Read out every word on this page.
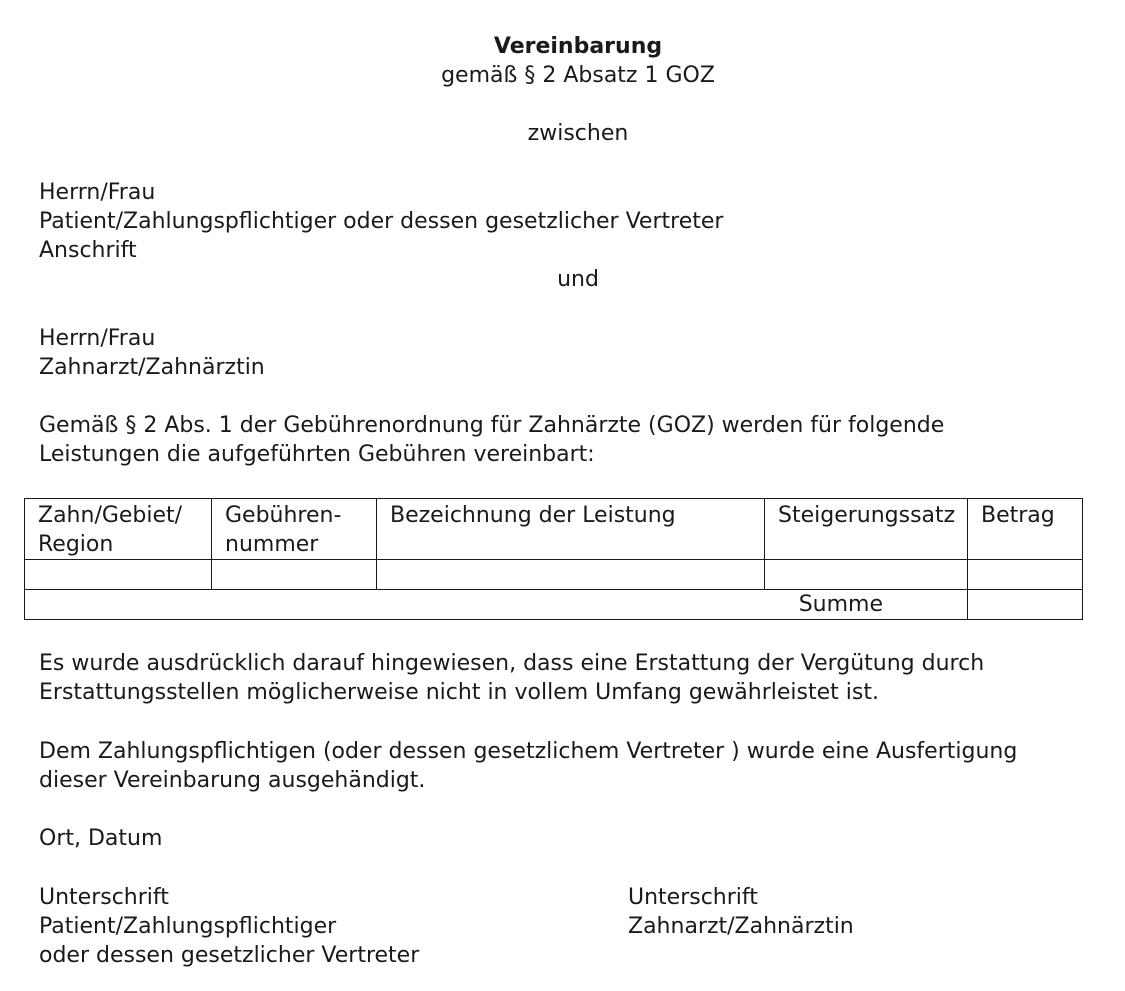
Vereinbarung
gemäß § 2 Absatz 1 GOZ
zwischen
Herrn/Frau
Patient/Zahlungspflichtiger oder dessen gesetzlicher Vertreter
Anschrift
und
Herrn/Frau
Zahnarzt/Zahnärztin
Gemäß § 2 Abs. 1 der Gebührenordnung für Zahnärzte (GOZ) werden für folgende
Leistungen die aufgeführten Gebühren vereinbart:
Zahn/Gebiet/ Region	Gebühren- nummer	Bezeichnung der Leistung	Steigerungssatz	Betrag

Summe				
Es wurde ausdrücklich darauf hingewiesen, dass eine Erstattung der Vergütung durch
Erstattungsstellen möglicherweise nicht in vollem Umfang gewährleistet ist.
Dem Zahlungspflichtigen (oder dessen gesetzlichem Vertreter ) wurde eine Ausfertigung
dieser Vereinbarung ausgehändigt.
Ort, Datum
Unterschrift
Patient/Zahlungspflichtiger
oder dessen gesetzlicher Vertreter
Unterschrift
Zahnarzt/Zahnärztin
